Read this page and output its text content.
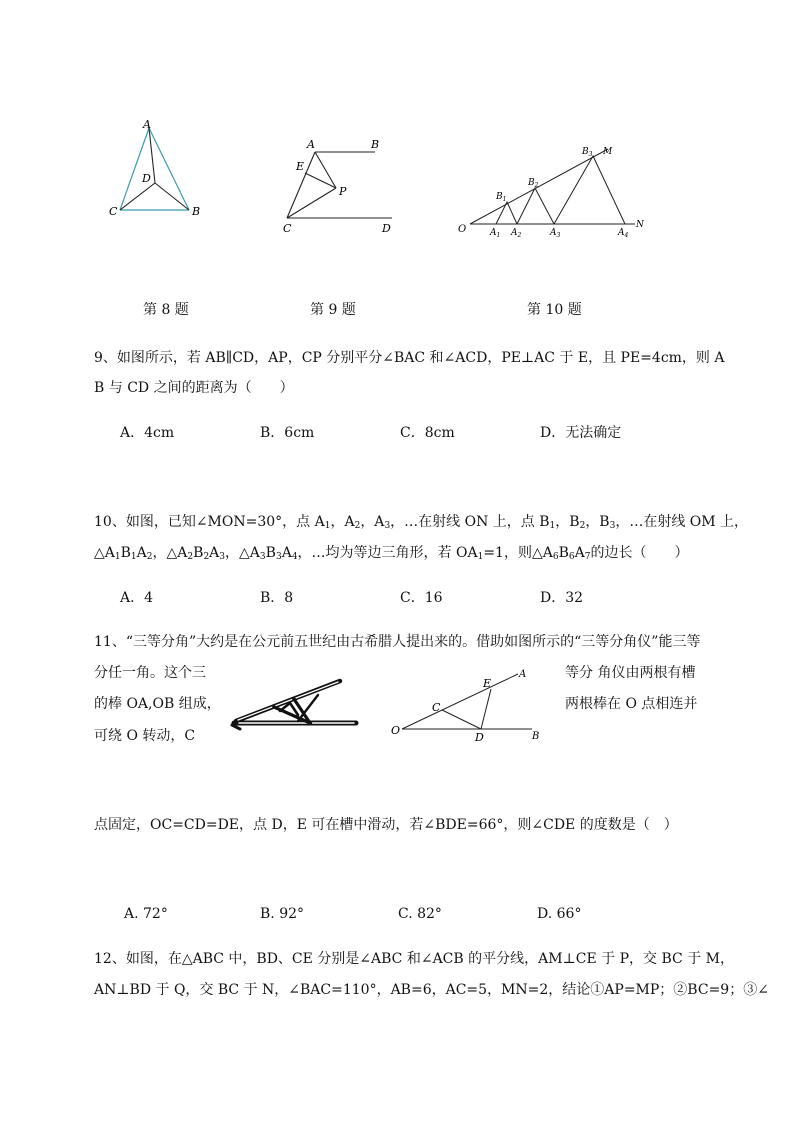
A
D
C	B
A	B
E
P
C	D	O	N
M
$A_1$ $A_2$	$A_3$	$A_4$
$B_1$
$B_2$
$B_3$
第 8 题	第 9 题	第 10 题
9、如图所示，若 AB∥CD，AP，CP 分别平分∠BAC 和∠ACD，PE⊥AC 于 E，且 PE=4cm，则 A
B 与 CD 之间的距离为（　　）
A．4cm	B．6cm	C．8cm	D．无法确定
10、如图，已知∠MON=30°，点 $A_1$，$A_2$，$A_3$，…在射线 ON 上，点 $B_1$，$B_2$，$B_3$，…在射线 OM 上，
$\triangle A_1B_1A_2$，$\triangle A_2B_2A_3$，$\triangle A_3B_3A_4$，…均为等边三角形，若 $OA_1=1$，则$\triangle A_6B_6A_7$的边长（　　）
A．4	B．8	C．16	D．32
11、“三等分角”大约是在公元前五世纪由古希腊人提出来的。借助如图所示的“三等分角仪”能三等
分任一角。这个三	等分 角仪由两根有槽
的棒 OA,OB 组成，	两根棒在 O 点相连并
可绕 O 转动，C	O	B
A
C
D
E
点固定，OC=CD=DE，点 D，E 可在槽中滑动，若∠BDE=66°，则∠CDE 的度数是（　）
A. 72°	B. 92°	C. 82°	D. 66°
12、如图，在△ABC 中，BD、CE 分别是∠ABC 和∠ACB 的平分线，AM⊥CE 于 P，交 BC 于 M，
AN⊥BD 于 Q，交 BC 于 N，∠BAC=110°，AB=6，AC=5，MN=2，结论①AP=MP；②BC=9；③∠
